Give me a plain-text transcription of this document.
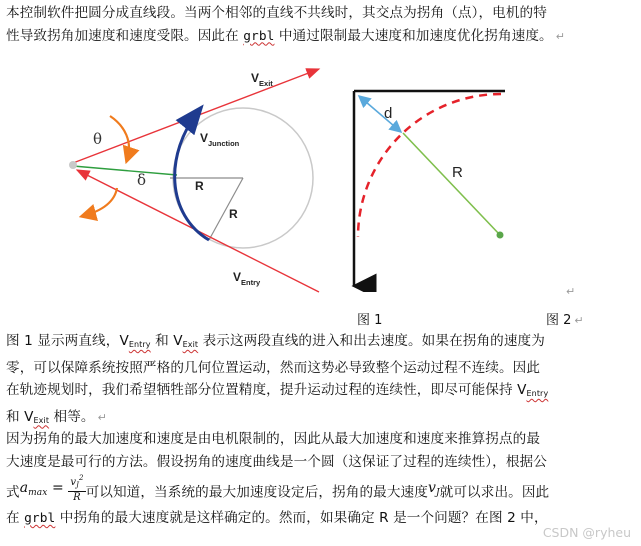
本控制软件把圆分成直线段。当两个相邻的直线不共线时，其交点为拐角（点），电机的特
性导致拐角加速度和速度受限。因此在 grbl 中通过限制最大速度和加速度优化拐角速度。 ↵
θ
δ
$V_{Exit}$
$V_{Junction}$
$V_{Entry}$
R
R
d
R
图 1	图 2 ↵
↵
图 1 显示两直线，$V_{Entry}$ 和 $V_{Exit}$ 表示这两段直线的进入和出去速度。如果在拐角的速度为
零，可以保障系统按照严格的几何位置运动，然而这势必导致整个运动过程不连续。因此
在轨迹规划时，我们希望牺牲部分位置精度，提升运动过程的连续性，即尽可能保持 $V_{Entry}$
和 $V_{Exit}$ 相等。 ↵
因为拐角的最大加速度和速度是由电机限制的，因此从最大加速度和速度来推算拐点的最
大速度是最可行的方法。假设拐角的速度曲线是一个圆（这保证了过程的连续性），根据公
式$a_{max} = \frac{v_J^2}{R}$ 可以知道，当系统的最大加速度设定后，拐角的最大速度$v_J$就可以求出。因此
在 grbl 中拐角的最大速度就是这样确定的。然而，如果确定 R 是一个问题？在图 2 中，
CSDN @ryheu
